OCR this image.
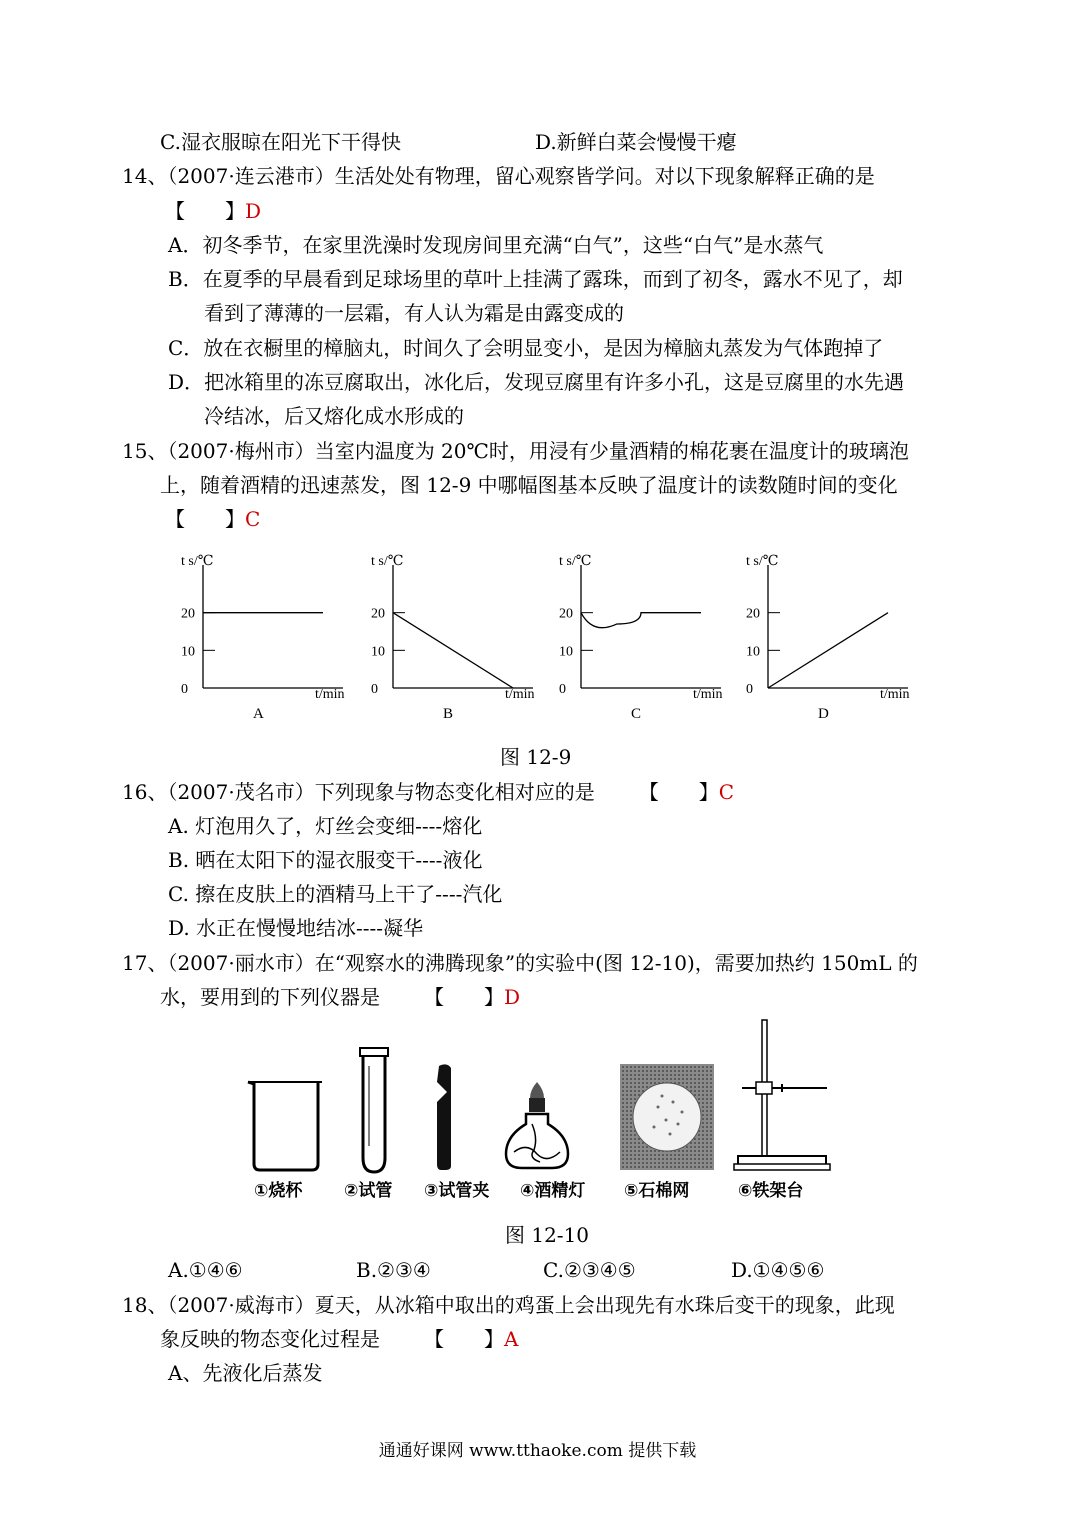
C.湿衣服晾在阳光下干得快	D.新鲜白菜会慢慢干瘪
14、（2007·连云港市）生活处处有物理，留心观察皆学问。对以下现象解释正确的是
【　　】D
A．初冬季节，在家里洗澡时发现房间里充满“白气”，这些“白气”是水蒸气
B．在夏季的早晨看到足球场里的草叶上挂满了露珠，而到了初冬，露水不见了，却
看到了薄薄的一层霜，有人认为霜是由露变成的
C．放在衣橱里的樟脑丸，时间久了会明显变小，是因为樟脑丸蒸发为气体跑掉了
D．把冰箱里的冻豆腐取出，冰化后，发现豆腐里有许多小孔，这是豆腐里的水先遇
冷结冰，后又熔化成水形成的
15、（2007·梅州市）当室内温度为 20℃时，用浸有少量酒精的棉花裹在温度计的玻璃泡
上，随着酒精的迅速蒸发，图 12-9 中哪幅图基本反映了温度计的读数随时间的变化
【　　】C
t s/℃
t/min
0
10
20
A
t s/℃
t/min
0
10
20
B
t s/℃
t/min
0
10
20
C
t s/℃
t/min
0
10
20
D
图 12-9
16、（2007·茂名市）下列现象与物态变化相对应的是 【　　】C
A. 灯泡用久了，灯丝会变细----熔化
B. 晒在太阳下的湿衣服变干----液化
C. 擦在皮肤上的酒精马上干了----汽化
D. 水正在慢慢地结冰----凝华
17、（2007·丽水市）在“观察水的沸腾现象”的实验中(图 12-10)，需要加热约 150mL 的
水，要用到的下列仪器是 【　　】D
①烧杯 ②试管 ③试管夹 ④酒精灯 ⑤石棉网	⑥铁架台
图 12-10
A.①④⑥	B.②③④	C.②③④⑤	D.①④⑤⑥
18、（2007·威海市）夏天，从冰箱中取出的鸡蛋上会出现先有水珠后变干的现象，此现
象反映的物态变化过程是 【　　】A
A、先液化后蒸发
通通好课网 www.tthaoke.com 提供下载
